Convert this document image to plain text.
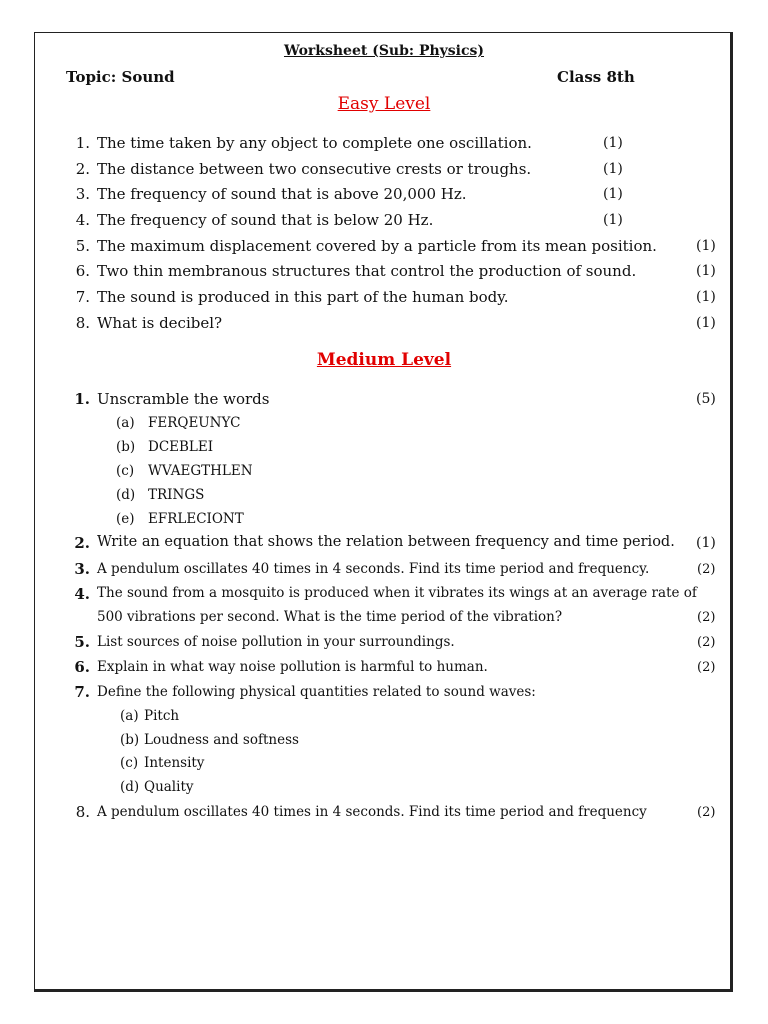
Worksheet (Sub: Physics)
Topic: Sound	Class 8th
Easy Level
1. The time taken by any object to complete one oscillation.	(1)
2. The distance between two consecutive crests or troughs.	(1)
3. The frequency of sound that is above 20,000 Hz.	(1)
4. The frequency of sound that is below 20 Hz.	(1)
5. The maximum displacement covered by a particle from its mean position.	(1)
6. Two thin membranous structures that control the production of sound.	(1)
7. The sound is produced in this part of the human body.	(1)
8. What is decibel?	(1)
Medium Level
1. Unscramble the words	(5)
(a) FERQEUNYC
(b) DCEBLEI
(c) WVAEGTHLEN
(d) TRINGS
(e) EFRLECIONT
2. Write an equation that shows the relation between frequency and time period. (1)
3. A pendulum oscillates 40 times in 4 seconds. Find its time period and frequency.	(2)
4. The sound from a mosquito is produced when it vibrates its wings at an average rate of
500 vibrations per second. What is the time period of the vibration?	(2)
5. List sources of noise pollution in your surroundings.	(2)
6. Explain in what way noise pollution is harmful to human.	(2)
7. Define the following physical quantities related to sound waves:
(a) Pitch
(b) Loudness and softness
(c) Intensity
(d) Quality
8. A pendulum oscillates 40 times in 4 seconds. Find its time period and frequency	(2)
